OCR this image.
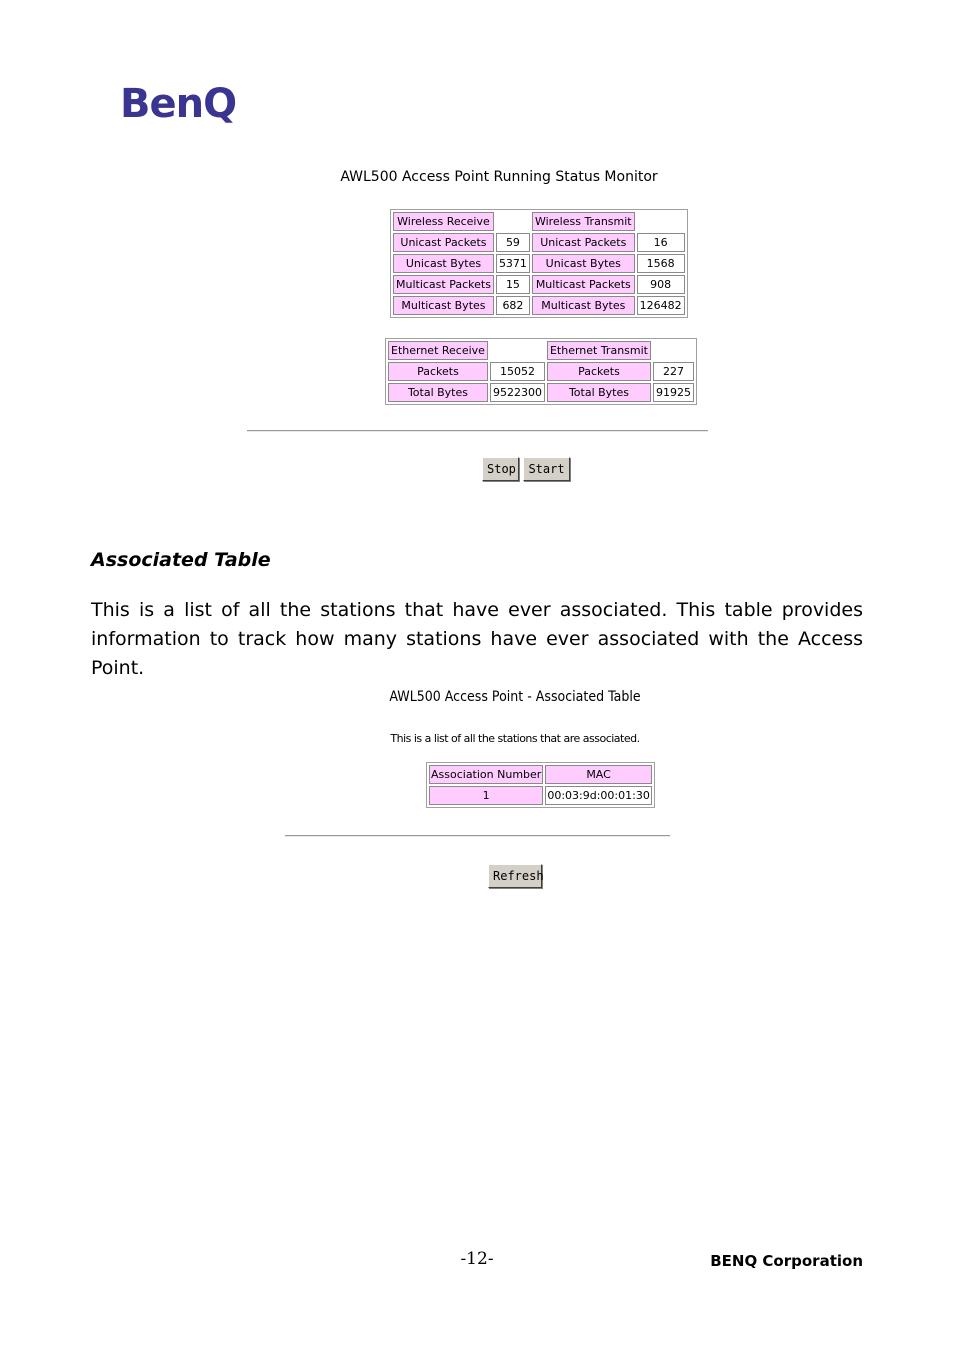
BenQ
AWL500 Access Point Running Status Monitor
Wireless Receive		Wireless Transmit	
Unicast Packets	59	Unicast Packets	16
Unicast Bytes	5371	Unicast Bytes	1568
Multicast Packets	15	Multicast Packets	908
Multicast Bytes	682	Multicast Bytes	126482
Ethernet Receive		Ethernet Transmit	
Packets	15052	Packets	227
Total Bytes	9522300	Total Bytes	91925
Stop	Start
Associated Table
This is a list of all the stations that have ever associated. This table provides information to track how many stations have ever associated with the Access Point.
AWL500 Access Point - Associated Table
This is a list of all the stations that are associated.
Association Number	MAC
1	00:03:9d:00:01:30
Refresh
-12-	BENQ Corporation
